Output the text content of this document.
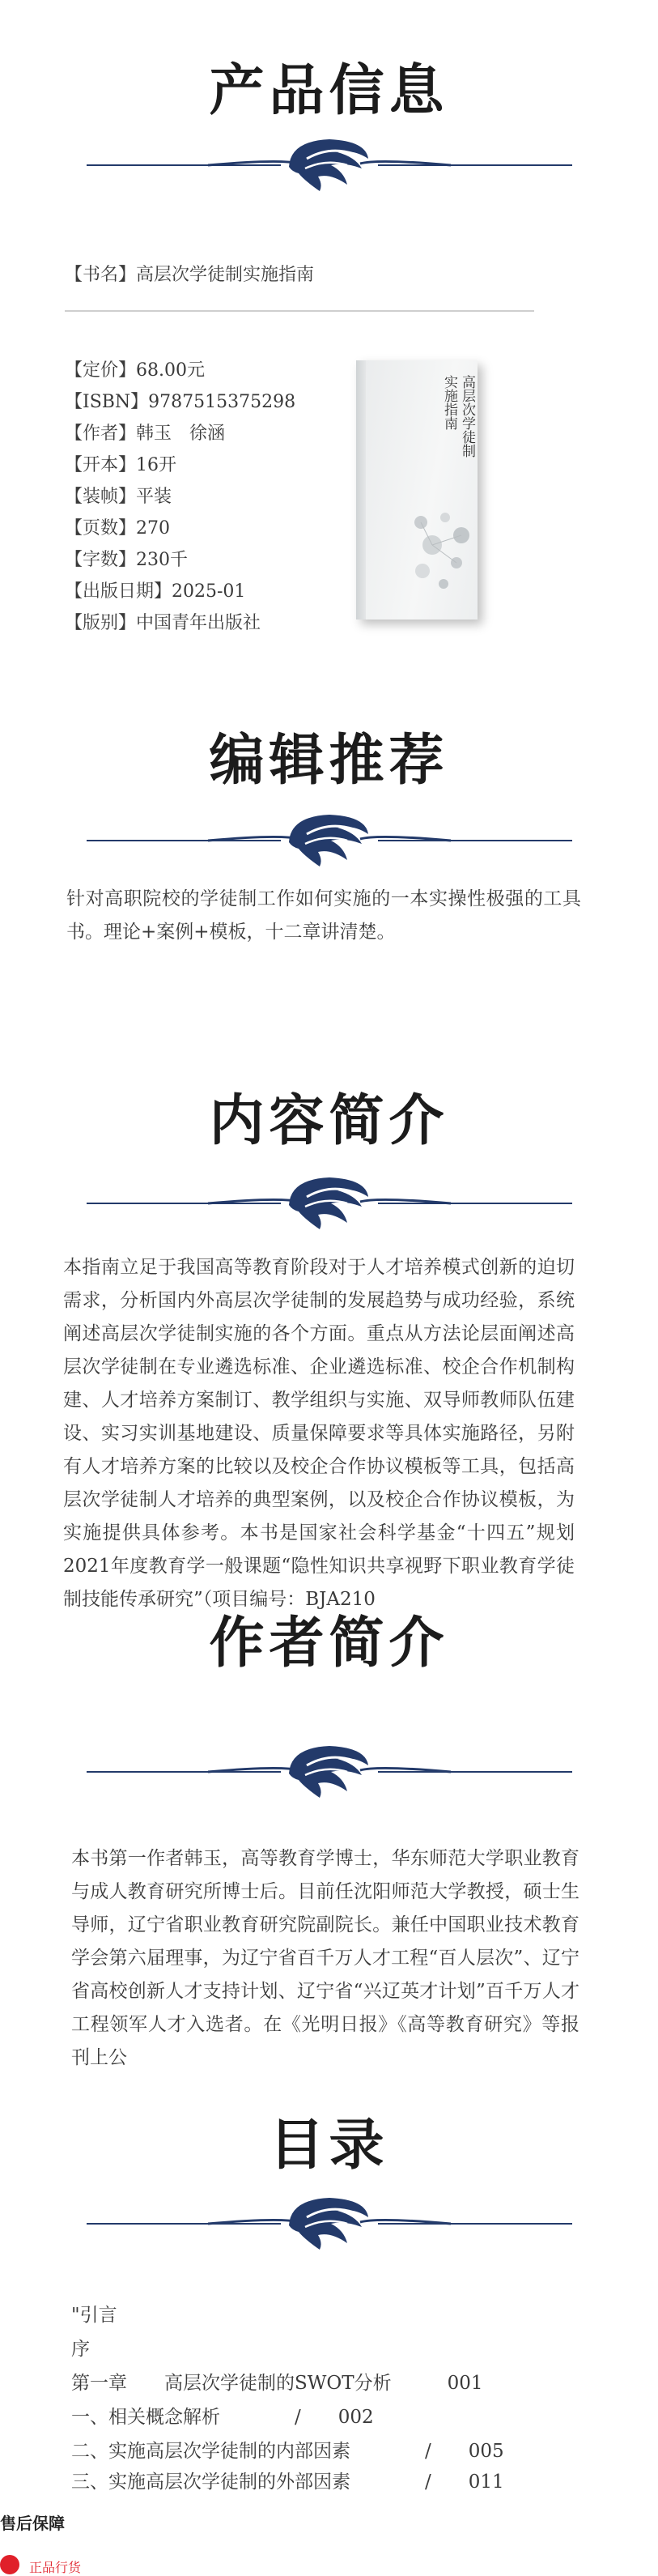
产品信息
【书名】高层次学徒制实施指南
【定价】68.00元
【ISBN】9787515375298
【作者】韩玉　徐涵
【开本】16开
【装帧】平装
【页数】270
【字数】230千
【出版日期】2025-01
【版别】中国青年出版社
高层次学徒制
实施指南
编辑推荐

针对高职院校的学徒制工作如何实施的一本实操性极强的工具书。理论+案例+模板，十二章讲清楚。

内容简介

本指南立足于我国高等教育阶段对于人才培养模式创新的迫切需求，分析国内外高层次学徒制的发展趋势与成功经验，系统阐述高层次学徒制实施的各个方面。重点从方法论层面阐述高层次学徒制在专业遴选标准、企业遴选标准、校企合作机制构建、人才培养方案制订、教学组织与实施、双导师教师队伍建设、实习实训基地建设、质量保障要求等具体实施路径，另附有人才培养方案的比较以及校企合作协议模板等工具，包括高层次学徒制人才培养的典型案例，以及校企合作协议模板，为实施提供具体参考。本书是国家社会科学基金“十四五”规划2021年度教育学一般课题“隐性知识共享视野下职业教育学徒制技能传承研究”（项目编号：BJA210

作者简介

本书第一作者韩玉，高等教育学博士，华东师范大学职业教育与成人教育研究所博士后。目前任沈阳师范大学教授，硕士生导师，辽宁省职业教育研究院副院长。兼任中国职业技术教育学会第六届理事，为辽宁省百千万人才工程“百人层次”、辽宁省高校创新人才支持计划、辽宁省“兴辽英才计划”百千万人才工程领军人才入选者。在《光明日报》《高等教育研究》等报刊上公

目录
"引言
序
第一章　　高层次学徒制的SWOT分析　　　001
一、相关概念解析　　　　/　　002
二、实施高层次学徒制的内部因素　　　　/　　005
三、实施高层次学徒制的外部因素　　　　/　　011
售后保障
正品行货
